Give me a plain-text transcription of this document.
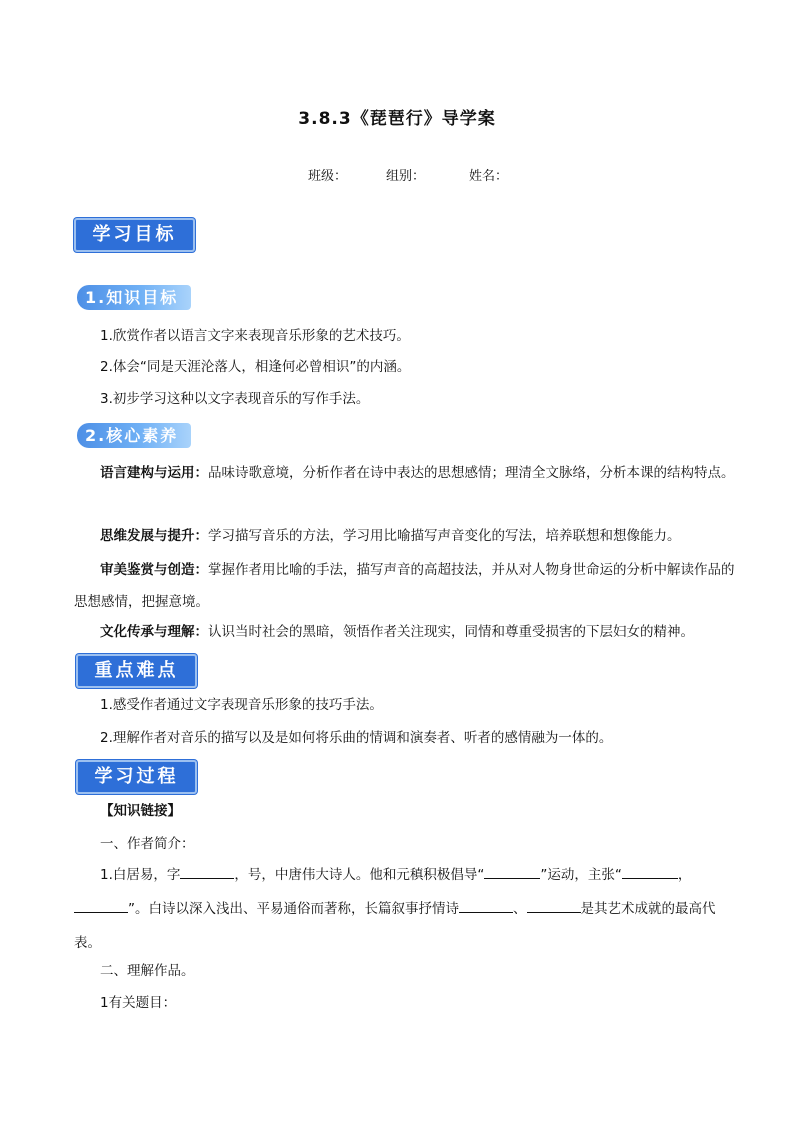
3.8.3《琵琶行》导学案
班级：	组别：	姓名：
学习目标
1.知识目标
1.欣赏作者以语言文字来表现音乐形象的艺术技巧。
2.体会“同是天涯沦落人，相逢何必曾相识”的内涵。
3.初步学习这种以文字表现音乐的写作手法。
2.核心素养
语言建构与运用：品味诗歌意境，分析作者在诗中表达的思想感情；理清全文脉络，分析本课的结构特点。
思维发展与提升：学习描写音乐的方法，学习用比喻描写声音变化的写法，培养联想和想像能力。
审美鉴赏与创造：掌握作者用比喻的手法，描写声音的高超技法，并从对人物身世命运的分析中解读作品的思想感情，把握意境。
文化传承与理解：认识当时社会的黑暗，领悟作者关注现实，同情和尊重受损害的下层妇女的精神。
重点难点
1.感受作者通过文字表现音乐形象的技巧手法。
2.理解作者对音乐的描写以及是如何将乐曲的情调和演奏者、听者的感情融为一体的。
学习过程
【知识链接】
一、作者简介：
1.白居易，字	，号，中唐伟大诗人。他和元稹积极倡导“	”运动，主张“	，”。白诗以深入浅出、平易通俗而著称，长篇叙事抒情诗	、	是其艺术成就的最高代表。
二、理解作品。
1有关题目：
